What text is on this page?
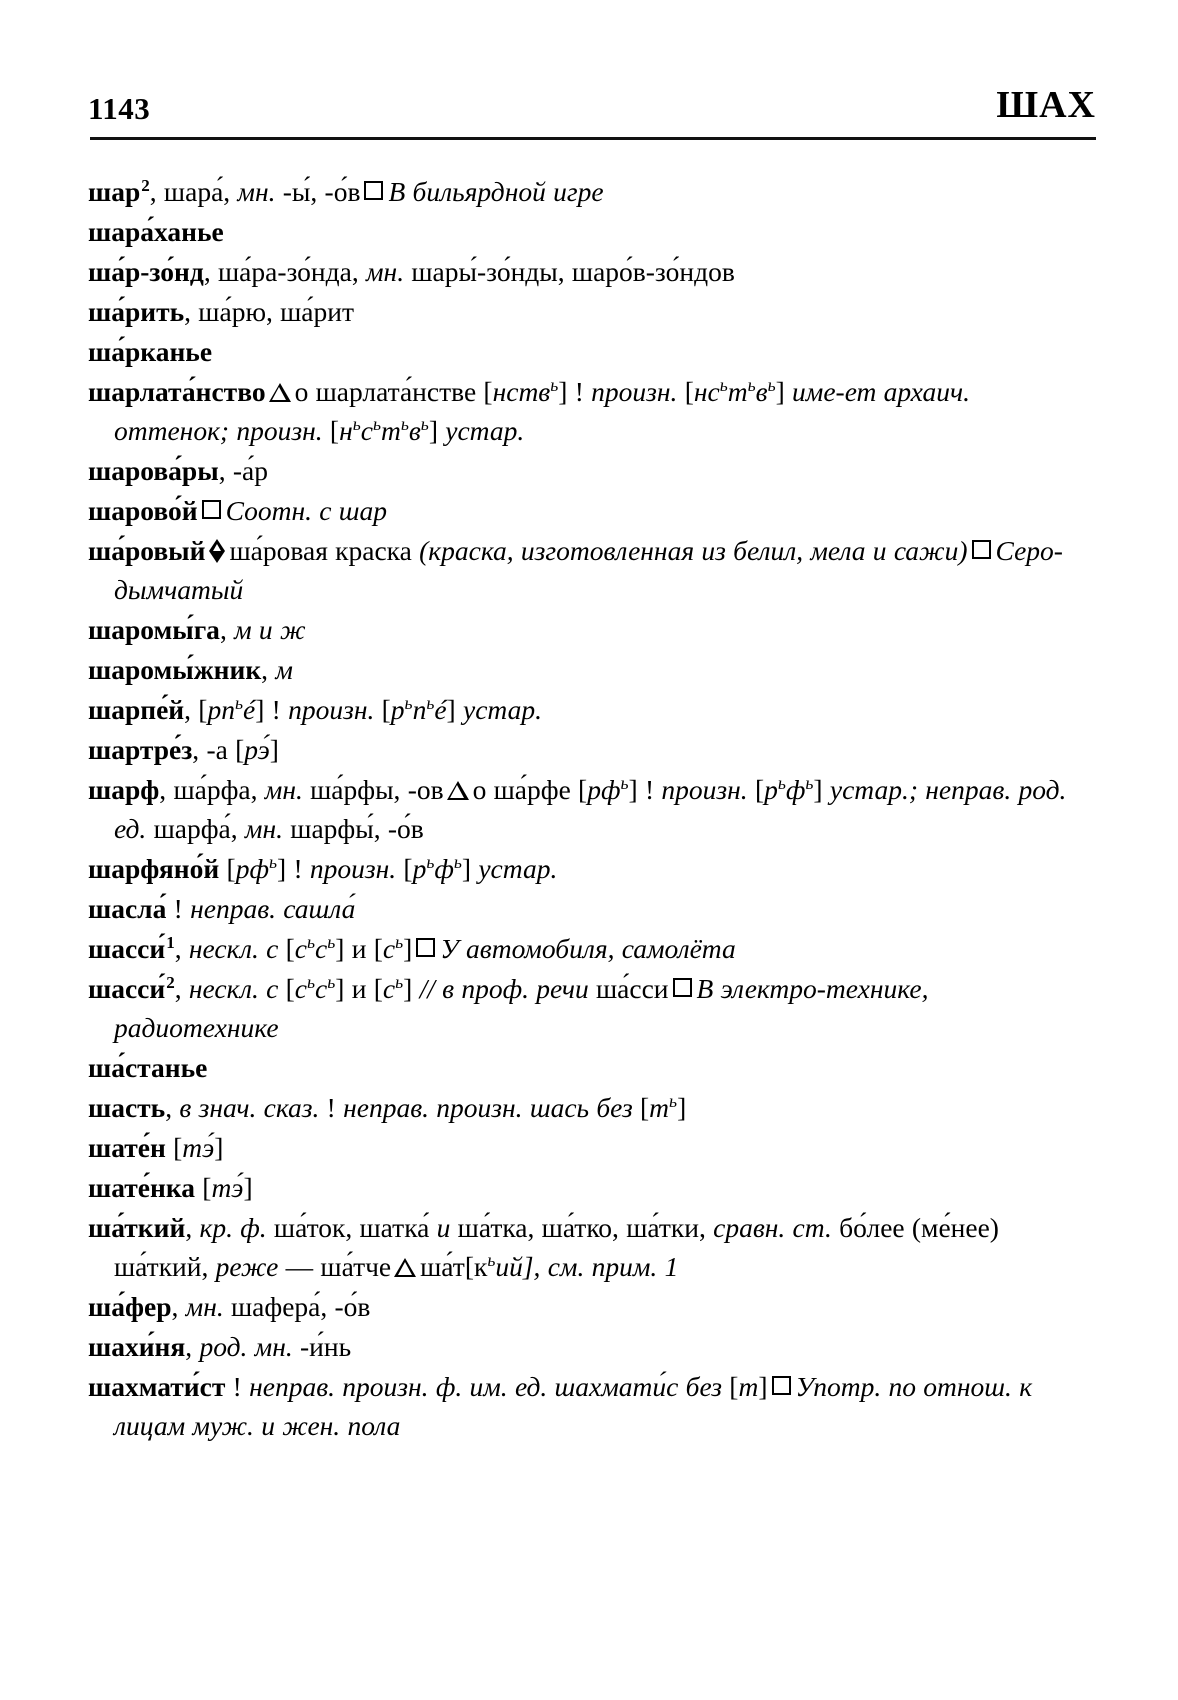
1143	ШАХ

шар$^2$, шара́, мн. -ы́, -о́в В бильярдной игре

шара́ханье

ша́р-зо́нд, ша́ра-зо́нда, мн. шары́-зо́нды, шаро́в-зо́ндов

ша́рить, ша́рю, ша́рит

ша́рканье

шарлата́нство о шарлата́нстве [нств$^ь$] ! произн. $[нс^ьт^ьв^ь]$ име-ет архаич. оттенок; произн. $[н^ьс^ьт^ьв^ь]$ устар.

шарова́ры, -а́р

шарово́й Соотн. с шар

ша́ровый ша́ровая краска (краска, изготовленная из белил, мела и сажи) Серо-дымчатый

шаромы́га, м и ж

шаромы́жник, м

шарпе́й, $[рп^ьé]$ ! произн. $[р^ьп^ьé]$ устар.

шартре́з, -а [рэ́]

шарф, ша́рфа, мн. ша́рфы, -ов о ша́рфе $[рф^ь]$ ! произн. $[р^ьф^ь]$ устар.; неправ. род. ед. шарфа́, мн. шарфы́, -о́в

шарфяно́й $[рф^ь]$ ! произн. $[р^ьф^ь]$ устар.

шасла́ ! неправ. сашла́

шасси́$^1$, нескл. с $[с^ьс^ь]$ и $[с^ь]$ У автомобиля, самолёта

шасси́$^2$, нескл. с $[с^ьс^ь]$ и $[с^ь]$ // в проф. речи ша́сси В электро-технике, радиотехнике

ша́станье

шасть, в знач. сказ. ! неправ. произн. шась без $[т^ь]$

шате́н [тэ́]

шате́нка [тэ́]

ша́ткий, кр. ф. ша́ток, шатка́ и ша́тка, ша́тко, ша́тки, сравн. ст. бо́лее (ме́нее) ша́ткий, реже — ша́тче $ша́т[к^ьий]$, см. прим. 1

ша́фер, мн. шафера́, -о́в

шахи́ня, род. мн. -и́нь

шахмати́ст ! неправ. произн. ф. им. ед. шахмати́с без [т] Употр. по отнош. к лицам муж. и жен. пола
